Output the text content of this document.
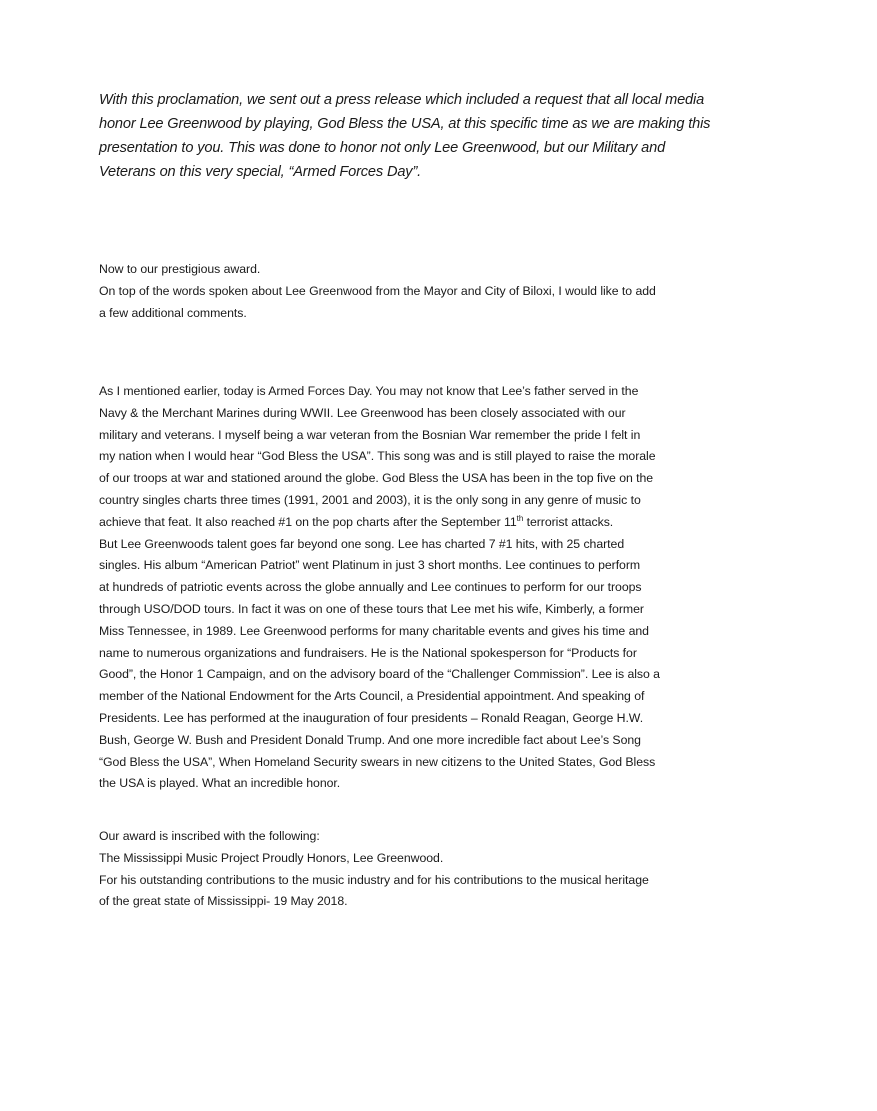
With this proclamation, we sent out a press release which included a request that all local media
honor Lee Greenwood by playing, God Bless the USA, at this specific time as we are making this
presentation to you. This was done to honor not only Lee Greenwood, but our Military and
Veterans on this very special, “Armed Forces Day”.

Now to our prestigious award.
On top of the words spoken about Lee Greenwood from the Mayor and City of Biloxi, I would like to add
a few additional comments.

As I mentioned earlier, today is Armed Forces Day. You may not know that Lee’s father served in the
Navy & the Merchant Marines during WWII. Lee Greenwood has been closely associated with our
military and veterans. I myself being a war veteran from the Bosnian War remember the pride I felt in
my nation when I would hear “God Bless the USA”. This song was and is still played to raise the morale
of our troops at war and stationed around the globe. God Bless the USA has been in the top five on the
country singles charts three times (1991, 2001 and 2003), it is the only song in any genre of music to
achieve that feat. It also reached #1 on the pop charts after the September 11th terrorist attacks.
But Lee Greenwoods talent goes far beyond one song. Lee has charted 7 #1 hits, with 25 charted
singles. His album “American Patriot” went Platinum in just 3 short months. Lee continues to perform
at hundreds of patriotic events across the globe annually and Lee continues to perform for our troops
through USO/DOD tours. In fact it was on one of these tours that Lee met his wife, Kimberly, a former
Miss Tennessee, in 1989. Lee Greenwood performs for many charitable events and gives his time and
name to numerous organizations and fundraisers. He is the National spokesperson for “Products for
Good”, the Honor 1 Campaign, and on the advisory board of the “Challenger Commission”. Lee is also a
member of the National Endowment for the Arts Council, a Presidential appointment. And speaking of
Presidents. Lee has performed at the inauguration of four presidents – Ronald Reagan, George H.W.
Bush, George W. Bush and President Donald Trump. And one more incredible fact about Lee’s Song
“God Bless the USA”, When Homeland Security swears in new citizens to the United States, God Bless
the USA is played. What an incredible honor.

Our award is inscribed with the following:
The Mississippi Music Project Proudly Honors, Lee Greenwood.
For his outstanding contributions to the music industry and for his contributions to the musical heritage
of the great state of Mississippi- 19 May 2018.
